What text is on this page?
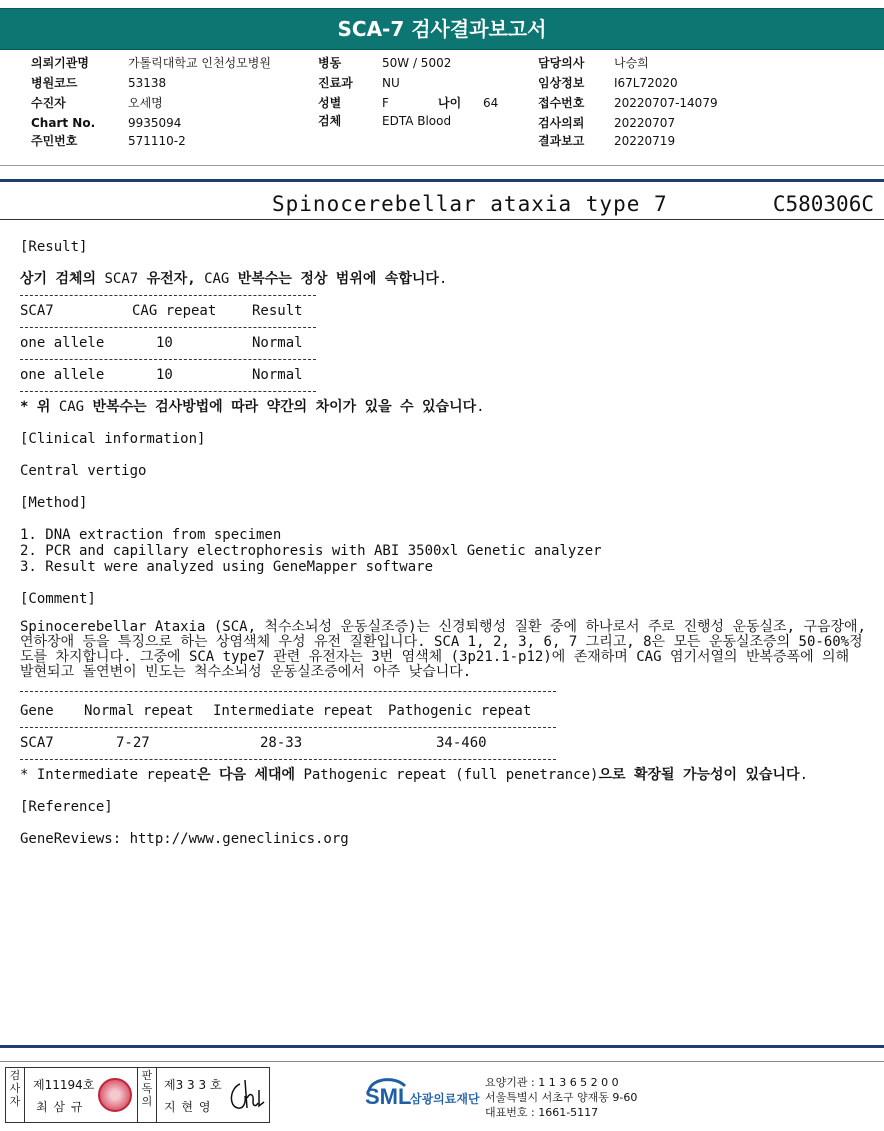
SCA-7 검사결과보고서
의뢰기관명	가톨릭대학교 인천성모병원
병원코드	53138
수진자	오세명
Chart No.	9935094
주민번호	571110-2
병동	50W / 5002
진료과 NU
성별	F	나이 64
검체	EDTA Blood
담당의사 나승희
임상정보 I67L72020
접수번호 20220707-14079
검사의뢰 20220707
결과보고 20220719
Spinocerebellar ataxia type 7	C580306C
[Result]
상기 검체의 SCA7 유전자, CAG 반복수는 정상 범위에 속합니다.
SCA7	CAG repeat	Result
one allele	10	Normal
one allele	10	Normal
* 위 CAG 반복수는 검사방법에 따라 약간의 차이가 있을 수 있습니다.
[Clinical information]
Central vertigo
[Method]
1. DNA extraction from specimen
2. PCR and capillary electrophoresis with ABI 3500xl Genetic analyzer
3. Result were analyzed using GeneMapper software
[Comment]
Spinocerebellar Ataxia (SCA, 척수소뇌성 운동실조증)는 신경퇴행성 질환 중에 하나로서 주로 진행성 운동실조, 구음장애, 연하장애 등을 특징으로 하는 상염색체 우성 유전 질환입니다. SCA 1, 2, 3, 6, 7 그리고, 8은 모든 운동실조증의 50-60%정도를 차지합니다. 그중에 SCA type7 관련 유전자는 3번 염색체 (3p21.1-p12)에 존재하며 CAG 염기서열의 반복증폭에 의해 발현되고 돌연변이 빈도는 척수소뇌성 운동실조증에서 아주 낮습니다.
Gene Normal repeat Intermediate repeat Pathogenic repeat
SCA7	7-27	28-33	34-460
* Intermediate repeat은 다음 세대에 Pathogenic repeat (full penetrance)으로 확장될 가능성이 있습니다.
[Reference]
GeneReviews: http://www.geneclinics.org
검사자
제11194호
최 삼 규
판독의
제3 3 3 호
지 현 영	SML
삼광의료재단
요양기관 : 1 1 3 6 5 2 0 0
서울특별시 서초구 양재동 9-60
대표번호 : 1661-5117
